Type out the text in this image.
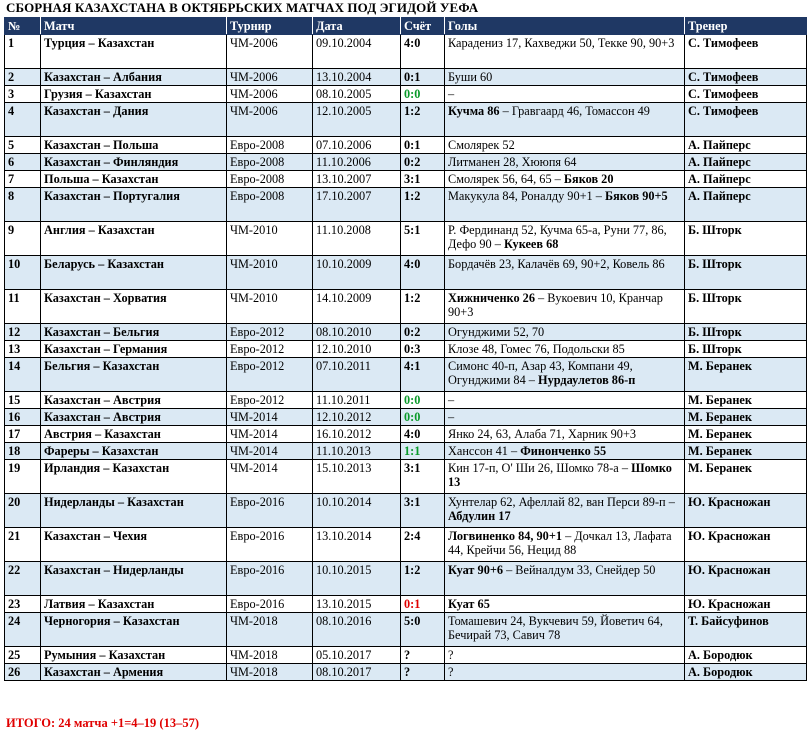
СБОРНАЯ КАЗАХСТАНА В ОКТЯБРЬСКИХ МАТЧАХ ПОД ЭГИДОЙ УЕФА
№	Матч	Турнир	Дата	Счёт	Голы	Тренер
1	Турция – Казахстан	ЧМ-2006	09.10.2004	4:0	Карадениз 17, Кахведжи 50, Текке 90, 90+3	С. Тимофеев
2	Казахстан – Албания	ЧМ-2006	13.10.2004	0:1	Буши 60	С. Тимофеев
3	Грузия – Казахстан	ЧМ-2006	08.10.2005	0:0	–	С. Тимофеев
4	Казахстан – Дания	ЧМ-2006	12.10.2005	1:2	Кучма 86 – Гравгаард 46, Томассон 49	С. Тимофеев
5	Казахстан – Польша	Евро-2008	07.10.2006	0:1	Смолярек 52	А. Пайперс
6	Казахстан – Финляндия	Евро-2008	11.10.2006	0:2	Литманен 28, Хююпя 64	А. Пайперс
7	Польша – Казахстан	Евро-2008	13.10.2007	3:1	Смолярек 56, 64, 65 – Бяков 20	А. Пайперс
8	Казахстан – Португалия	Евро-2008	17.10.2007	1:2	Макукула 84, Роналду 90+1 – Бяков 90+5	А. Пайперс
9	Англия – Казахстан	ЧМ-2010	11.10.2008	5:1	Р. Фердинанд 52, Кучма 65-а, Руни 77, 86, Дефо 90 – Кукеев 68	Б. Шторк
10	Беларусь – Казахстан	ЧМ-2010	10.10.2009	4:0	Бордачёв 23, Калачёв 69, 90+2, Ковель 86	Б. Шторк
11	Казахстан – Хорватия	ЧМ-2010	14.10.2009	1:2	Хижниченко 26 – Вукоевич 10, Кранчар 90+3	Б. Шторк
12	Казахстан – Бельгия	Евро-2012	08.10.2010	0:2	Огунджими 52, 70	Б. Шторк
13	Казахстан – Германия	Евро-2012	12.10.2010	0:3	Клозе 48, Гомес 76, Подольски 85	Б. Шторк
14	Бельгия – Казахстан	Евро-2012	07.10.2011	4:1	Симонс 40-п, Азар 43, Компани 49, Огунджими 84 – Нурдаулетов 86-п	М. Беранек
15	Казахстан – Австрия	Евро-2012	11.10.2011	0:0	–	М. Беранек
16	Казахстан – Австрия	ЧМ-2014	12.10.2012	0:0	–	М. Беранек
17	Австрия – Казахстан	ЧМ-2014	16.10.2012	4:0	Янко 24, 63, Алаба 71, Харник 90+3	М. Беранек
18	Фареры – Казахстан	ЧМ-2014	11.10.2013	1:1	Ханссон 41 – Финонченко 55	М. Беранек
19	Ирландия – Казахстан	ЧМ-2014	15.10.2013	3:1	Кин 17-п, О' Ши 26, Шомко 78-а – Шомко 13	М. Беранек
20	Нидерланды – Казахстан	Евро-2016	10.10.2014	3:1	Хунтелар 62, Афеллай 82, ван Перси 89-п – Абдулин 17	Ю. Красножан
21	Казахстан – Чехия	Евро-2016	13.10.2014	2:4	Логвиненко 84, 90+1 – Дочкал 13, Лафата 44, Крейчи 56, Нецид 88	Ю. Красножан
22	Казахстан – Нидерланды	Евро-2016	10.10.2015	1:2	Куат 90+6 – Вейналдум 33, Снейдер 50	Ю. Красножан
23	Латвия – Казахстан	Евро-2016	13.10.2015	0:1	Куат 65	Ю. Красножан
24	Черногория – Казахстан	ЧМ-2018	08.10.2016	5:0	Томашевич 24, Вукчевич 59, Йоветич 64, Бечирай 73, Савич 78	Т. Байсуфинов
25	Румыния – Казахстан	ЧМ-2018	05.10.2017	?	?	А. Бородюк
26	Казахстан – Армения	ЧМ-2018	08.10.2017	?	?	А. Бородюк
ИТОГО: 24 матча +1=4–19 (13–57)
